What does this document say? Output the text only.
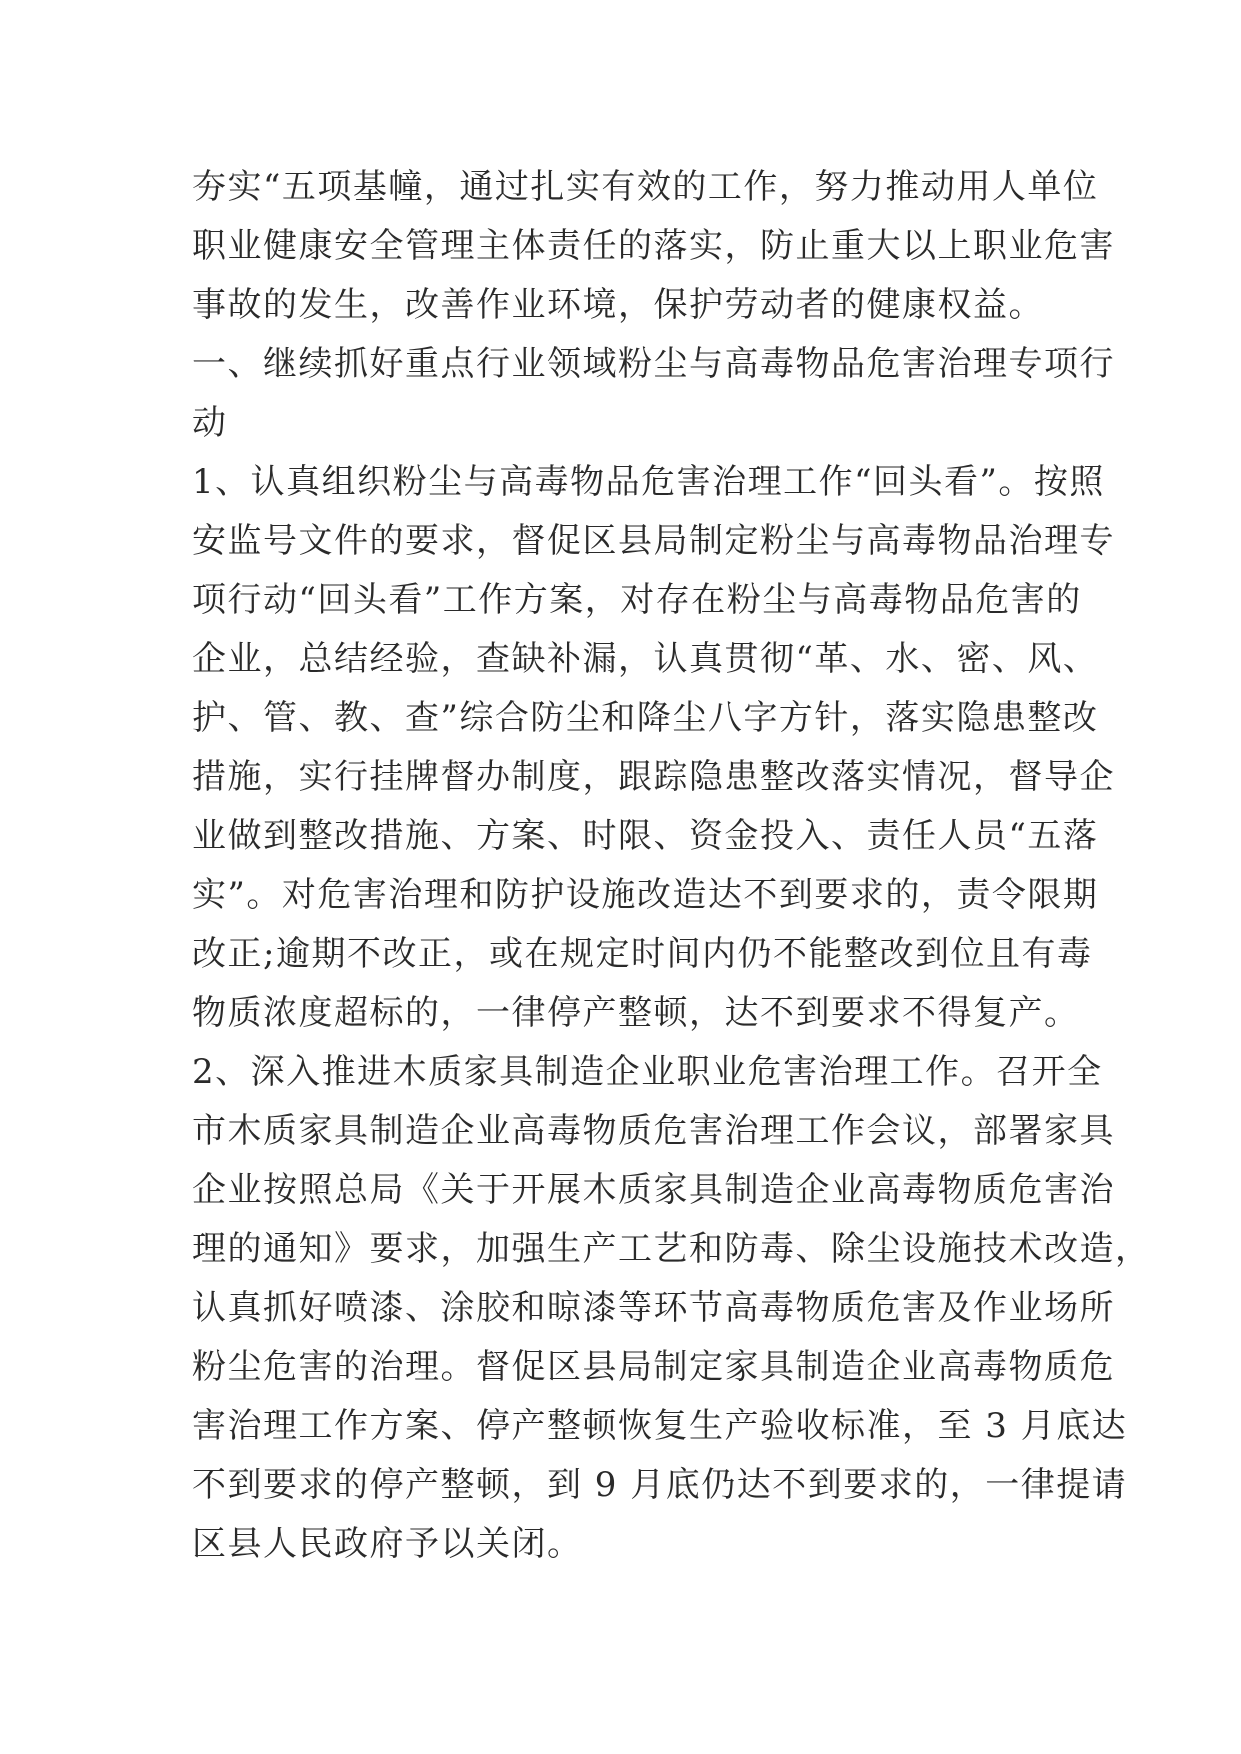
夯实“五项基幢，通过扎实有效的工作，努力推动用人单位
职业健康安全管理主体责任的落实，防止重大以上职业危害
事故的发生，改善作业环境，保护劳动者的健康权益。
一、继续抓好重点行业领域粉尘与高毒物品危害治理专项行
动
1、认真组织粉尘与高毒物品危害治理工作“回头看”。按照
安监号文件的要求，督促区县局制定粉尘与高毒物品治理专
项行动“回头看”工作方案，对存在粉尘与高毒物品危害的
企业，总结经验，查缺补漏，认真贯彻“革、水、密、风、
护、管、教、查”综合防尘和降尘八字方针，落实隐患整改
措施，实行挂牌督办制度，跟踪隐患整改落实情况，督导企
业做到整改措施、方案、时限、资金投入、责任人员“五落
实”。对危害治理和防护设施改造达不到要求的，责令限期
改正;逾期不改正，或在规定时间内仍不能整改到位且有毒
物质浓度超标的，一律停产整顿，达不到要求不得复产。
2、深入推进木质家具制造企业职业危害治理工作。召开全
市木质家具制造企业高毒物质危害治理工作会议，部署家具
企业按照总局《关于开展木质家具制造企业高毒物质危害治
理的通知》要求，加强生产工艺和防毒、除尘设施技术改造，
认真抓好喷漆、涂胶和晾漆等环节高毒物质危害及作业场所
粉尘危害的治理。督促区县局制定家具制造企业高毒物质危
害治理工作方案、停产整顿恢复生产验收标准，至 3 月底达
不到要求的停产整顿，到 9 月底仍达不到要求的，一律提请
区县人民政府予以关闭。
